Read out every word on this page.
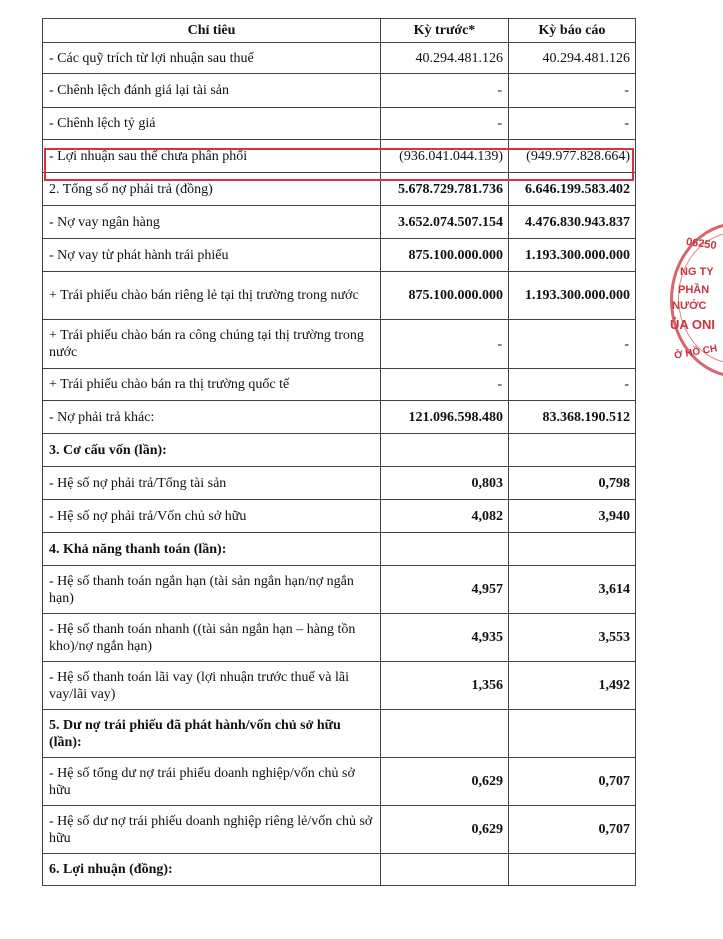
Chỉ tiêu	Kỳ trước*	Kỳ báo cáo
- Các quỹ trích từ lợi nhuận sau thuế	40.294.481.126	40.294.481.126
- Chênh lệch đánh giá lại tài sản	-	-
- Chênh lệch tỷ giá	-	-
- Lợi nhuận sau thế chưa phân phối	(936.041.044.139)	(949.977.828.664)
2. Tổng số nợ phải trả (đồng)	5.678.729.781.736	6.646.199.583.402
- Nợ vay ngân hàng	3.652.074.507.154	4.476.830.943.837
- Nợ vay từ phát hành trái phiếu	875.100.000.000	1.193.300.000.000
+ Trái phiếu chào bán riêng lẻ tại thị trường trong nước	875.100.000.000	1.193.300.000.000
+ Trái phiếu chào bán ra công chúng tại thị trường trong nước	-	-
+ Trái phiếu chào bán ra thị trường quốc tế	-	-
- Nợ phải trả khác:	121.096.598.480	83.368.190.512
3. Cơ cấu vốn (lần):		
- Hệ số nợ phải trả/Tổng tài sản	0,803	0,798
- Hệ số nợ phải trả/Vốn chủ sở hữu	4,082	3,940
4. Khả năng thanh toán (lần):		
- Hệ số thanh toán ngắn hạn (tài sản ngắn hạn/nợ ngắn hạn)	4,957	3,614
- Hệ số thanh toán nhanh ((tài sản ngắn hạn – hàng tồn kho)/nợ ngắn hạn)	4,935	3,553
- Hệ số thanh toán lãi vay (lợi nhuận trước thuế và lãi vay/lãi vay)	1,356	1,492
5. Dư nợ trái phiếu đã phát hành/vốn chủ sở hữu (lần):		
- Hệ số tổng dư nợ trái phiếu doanh nghiệp/vốn chủ sở hữu	0,629	0,707
- Hệ số dư nợ trái phiếu doanh nghiệp riêng lẻ/vốn chủ sở hữu	0,629	0,707
6. Lợi nhuận (đồng):		
06250
NG TY
PHẦN
NƯỚC
ỦA ONI
Ở HỒ CH
